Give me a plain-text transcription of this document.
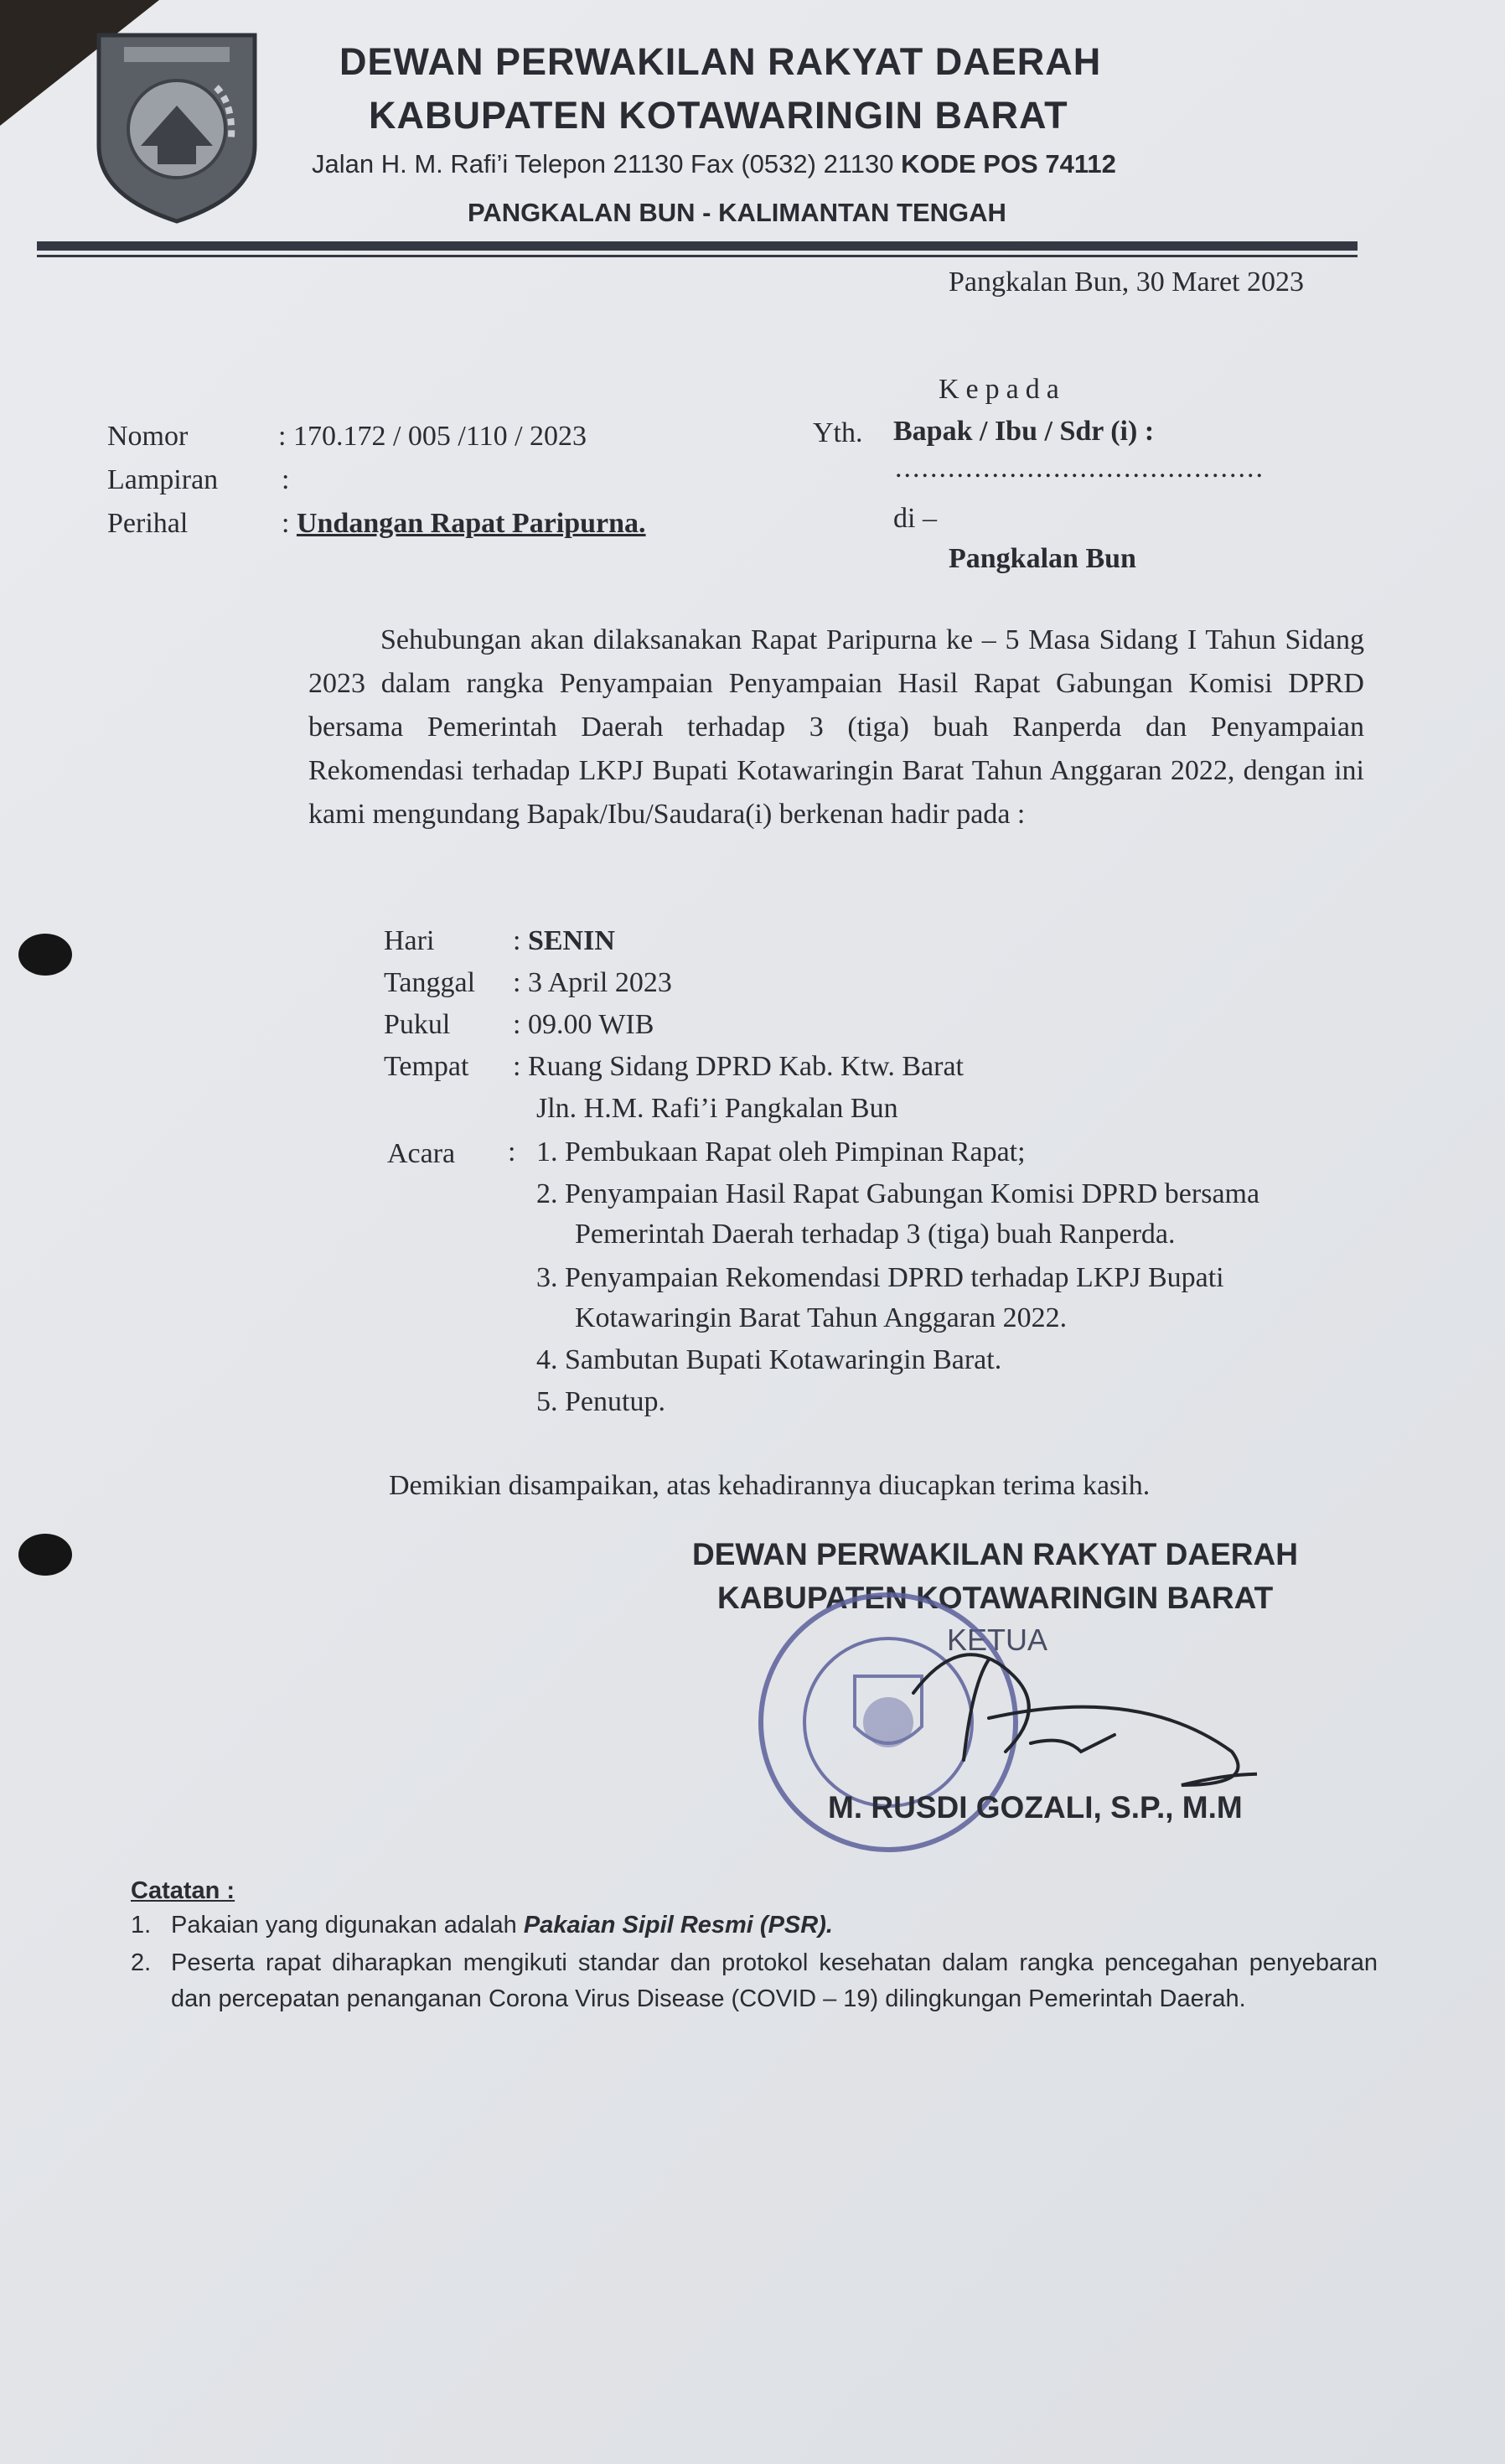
DEWAN PERWAKILAN RAKYAT DAERAH
KABUPATEN KOTAWARINGIN BARAT
Jalan H. M. Rafi’i Telepon 21130 Fax (0532) 21130 KODE POS 74112
PANGKALAN BUN - KALIMANTAN TENGAH
Pangkalan Bun, 30 Maret 2023
Kepada
Yth. Bapak / Ibu / Sdr (i) :
..........................................
di –
Pangkalan Bun
Nomor	: 170.172 / 005 /110 / 2023
Lampiran :
Perihal	: Undangan Rapat Paripurna.
Sehubungan akan dilaksanakan Rapat Paripurna ke – 5 Masa Sidang I Tahun Sidang 2023 dalam rangka Penyampaian Penyampaian Hasil Rapat Gabungan Komisi DPRD bersama Pemerintah Daerah terhadap 3 (tiga) buah Ranperda dan Penyampaian Rekomendasi terhadap LKPJ Bupati Kotawaringin Barat Tahun Anggaran 2022, dengan ini kami mengundang Bapak/Ibu/Saudara(i) berkenan hadir pada :
Hari	: SENIN
Tanggal : 3 April 2023
Pukul : 09.00 WIB
Tempat : Ruang Sidang DPRD Kab. Ktw. Barat
Jln. H.M. Rafi’i Pangkalan Bun
Acara : 1. Pembukaan Rapat oleh Pimpinan Rapat;
2. Penyampaian Hasil Rapat Gabungan Komisi DPRD bersama
Pemerintah Daerah terhadap 3 (tiga) buah Ranperda.
3. Penyampaian Rekomendasi DPRD terhadap LKPJ Bupati
Kotawaringin Barat Tahun Anggaran 2022.
4. Sambutan Bupati Kotawaringin Barat.
5. Penutup.
Demikian disampaikan, atas kehadirannya diucapkan terima kasih.
DEWAN PERWAKILAN RAKYAT DAERAH
KABUPATEN KOTAWARINGIN BARAT
KETUA
M. RUSDI GOZALI, S.P., M.M
Catatan :
1. Pakaian yang digunakan adalah Pakaian Sipil Resmi (PSR).
2. Peserta rapat diharapkan mengikuti standar dan protokol kesehatan dalam rangka pencegahan penyebaran dan percepatan penanganan Corona Virus Disease (COVID – 19) dilingkungan Pemerintah Daerah.
